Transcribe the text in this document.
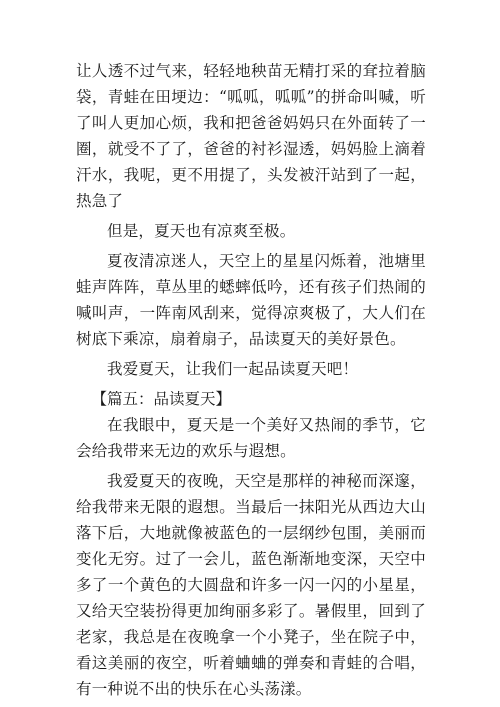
让人透不过气来，轻轻地秧苗无精打采的耷拉着脑袋，青蛙在田埂边：“呱呱，呱呱”的拼命叫喊，听了叫人更加心烦，我和把爸爸妈妈只在外面转了一圈，就受不了了，爸爸的衬衫湿透，妈妈脸上滴着汗水，我呢，更不用提了，头发被汗站到了一起，热急了

但是，夏天也有凉爽至极。

夏夜清凉迷人，天空上的星星闪烁着，池塘里蛙声阵阵，草丛里的蟋蟀低吟，还有孩子们热闹的喊叫声，一阵南风刮来，觉得凉爽极了，大人们在树底下乘凉，扇着扇子，品读夏天的美好景色。

我爱夏天，让我们一起品读夏天吧！

【篇五：品读夏天】

在我眼中，夏天是一个美好又热闹的季节，它会给我带来无边的欢乐与遐想。

我爱夏天的夜晚，天空是那样的神秘而深邃，给我带来无限的遐想。当最后一抹阳光从西边大山落下后，大地就像被蓝色的一层纲纱包围，美丽而变化无穷。过了一会儿，蓝色渐渐地变深，天空中多了一个黄色的大圆盘和许多一闪一闪的小星星，又给天空装扮得更加绚丽多彩了。暑假里，回到了老家，我总是在夜晚拿一个小凳子，坐在院子中，看这美丽的夜空，听着蛐蛐的弹奏和青蛙的合唱，有一种说不出的快乐在心头荡漾。
